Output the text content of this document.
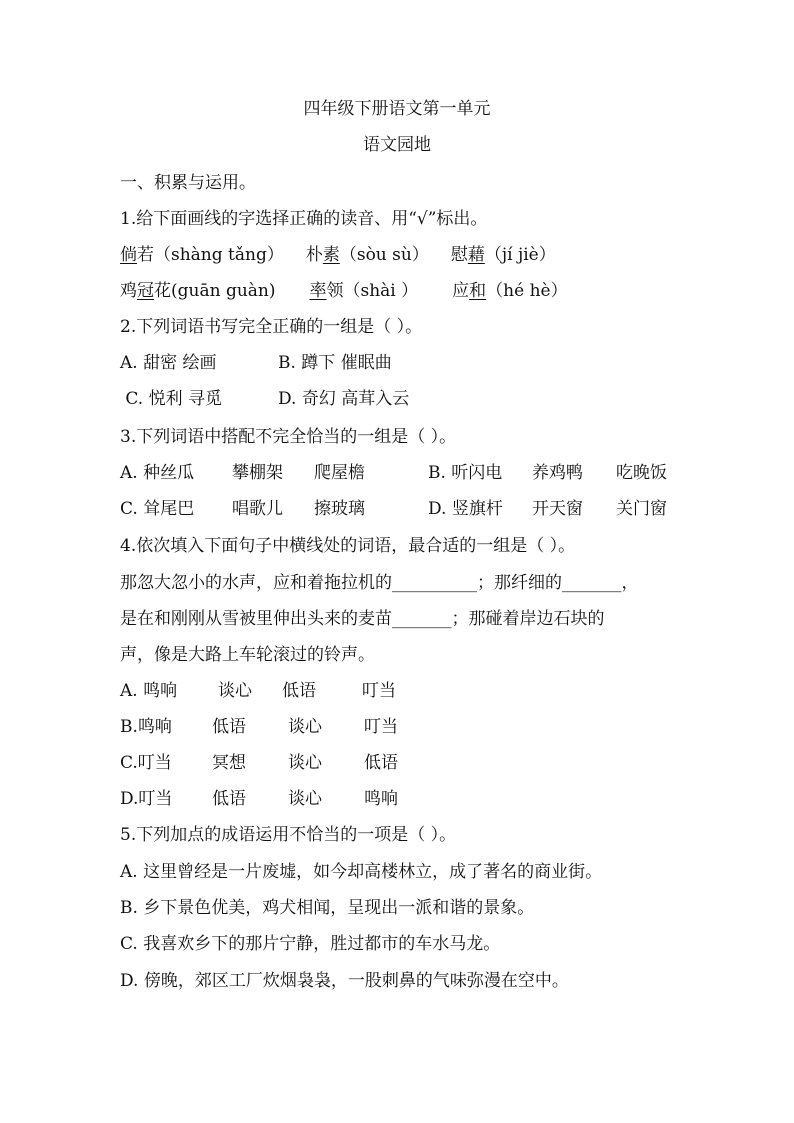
四年级下册语文第一单元
语文园地
一、积累与运用。
1.给下面画线的字选择正确的读音、用“√”标出。
倘若（shàng tǎng） 朴素（sòu sù） 慰藉（jí jiè）
鸡冠花(guān guàn) 率领（shài ） 应和（hé hè）
2.下列词语书写完全正确的一组是（ ）。
A. 甜密 绘画	B. 蹲下 催眠曲
C. 悦利 寻觅	D. 奇幻 高茸入云
3.下列词语中搭配不完全恰当的一组是（ ）。
A. 种丝瓜 攀棚架 爬屋檐	B. 听闪电 养鸡鸭 吃晚饭
C. 耸尾巴 唱歌儿 擦玻璃	D. 竖旗杆 开天窗 关门窗
4.依次填入下面句子中横线处的词语，最合适的一组是（ ）。
那忽大忽小的水声，应和着拖拉机的__________；那纤细的_______，
是在和刚刚从雪被里伸出头来的麦苗_______；那碰着岸边石块的
声，像是大路上车轮滚过的铃声。
A. 鸣响 谈心 低语	叮当
B.鸣响 低语 谈心 叮当
C.叮当 冥想 谈心 低语
D.叮当 低语 谈心 鸣响
5.下列加点的成语运用不恰当的一项是（ ）。
A. 这里曾经是一片废墟，如今却高楼林立，成了著名的商业街。
B. 乡下景色优美，鸡犬相闻，呈现出一派和谐的景象。
C. 我喜欢乡下的那片宁静，胜过都市的车水马龙。
D. 傍晚，郊区工厂炊烟袅袅，一股刺鼻的气味弥漫在空中。
